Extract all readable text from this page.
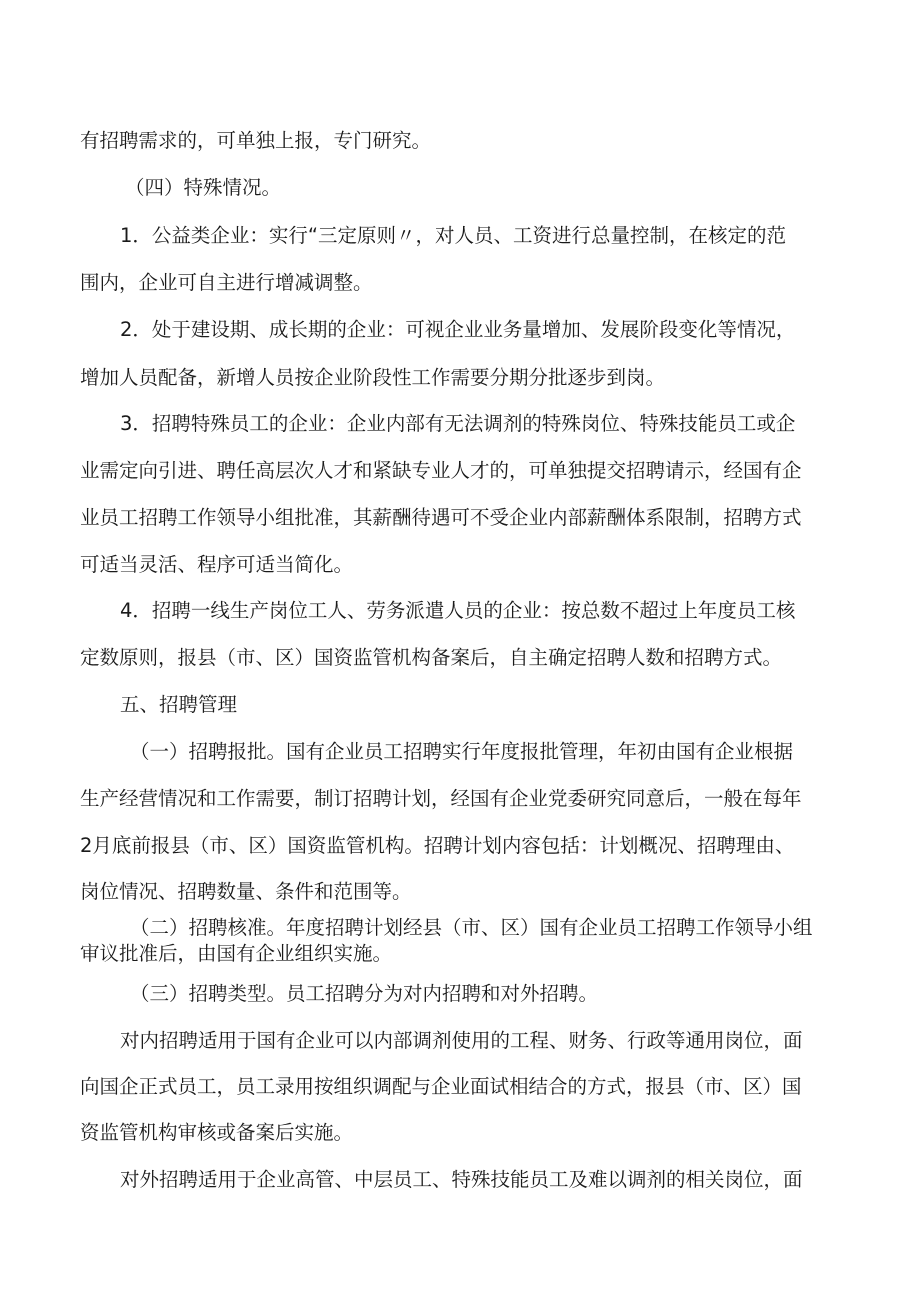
有招聘需求的，可单独上报，专门研究。
（四）特殊情况。
1．公益类企业：实行“三定原则〃，对人员、工资进行总量控制，在核定的范
围内，企业可自主进行增减调整。
2．处于建设期、成长期的企业：可视企业业务量增加、发展阶段变化等情况，
增加人员配备，新增人员按企业阶段性工作需要分期分批逐步到岗。
3．招聘特殊员工的企业：企业内部有无法调剂的特殊岗位、特殊技能员工或企
业需定向引进、聘任高层次人才和紧缺专业人才的，可单独提交招聘请示，经国有企
业员工招聘工作领导小组批准，其薪酬待遇可不受企业内部薪酬体系限制，招聘方式
可适当灵活、程序可适当简化。
4．招聘一线生产岗位工人、劳务派遣人员的企业：按总数不超过上年度员工核
定数原则，报县（市、区）国资监管机构备案后，自主确定招聘人数和招聘方式。
五、招聘管理
（一）招聘报批。国有企业员工招聘实行年度报批管理，年初由国有企业根据
生产经营情况和工作需要，制订招聘计划，经国有企业党委研究同意后，一般在每年
2月底前报县（市、区）国资监管机构。招聘计划内容包括：计划概况、招聘理由、
岗位情况、招聘数量、条件和范围等。
（二）招聘核准。年度招聘计划经县（市、区）国有企业员工招聘工作领导小组
审议批准后，由国有企业组织实施。
（三）招聘类型。员工招聘分为对内招聘和对外招聘。
对内招聘适用于国有企业可以内部调剂使用的工程、财务、行政等通用岗位，面
向国企正式员工，员工录用按组织调配与企业面试相结合的方式，报县（市、区）国
资监管机构审核或备案后实施。
对外招聘适用于企业高管、中层员工、特殊技能员工及难以调剂的相关岗位，面
